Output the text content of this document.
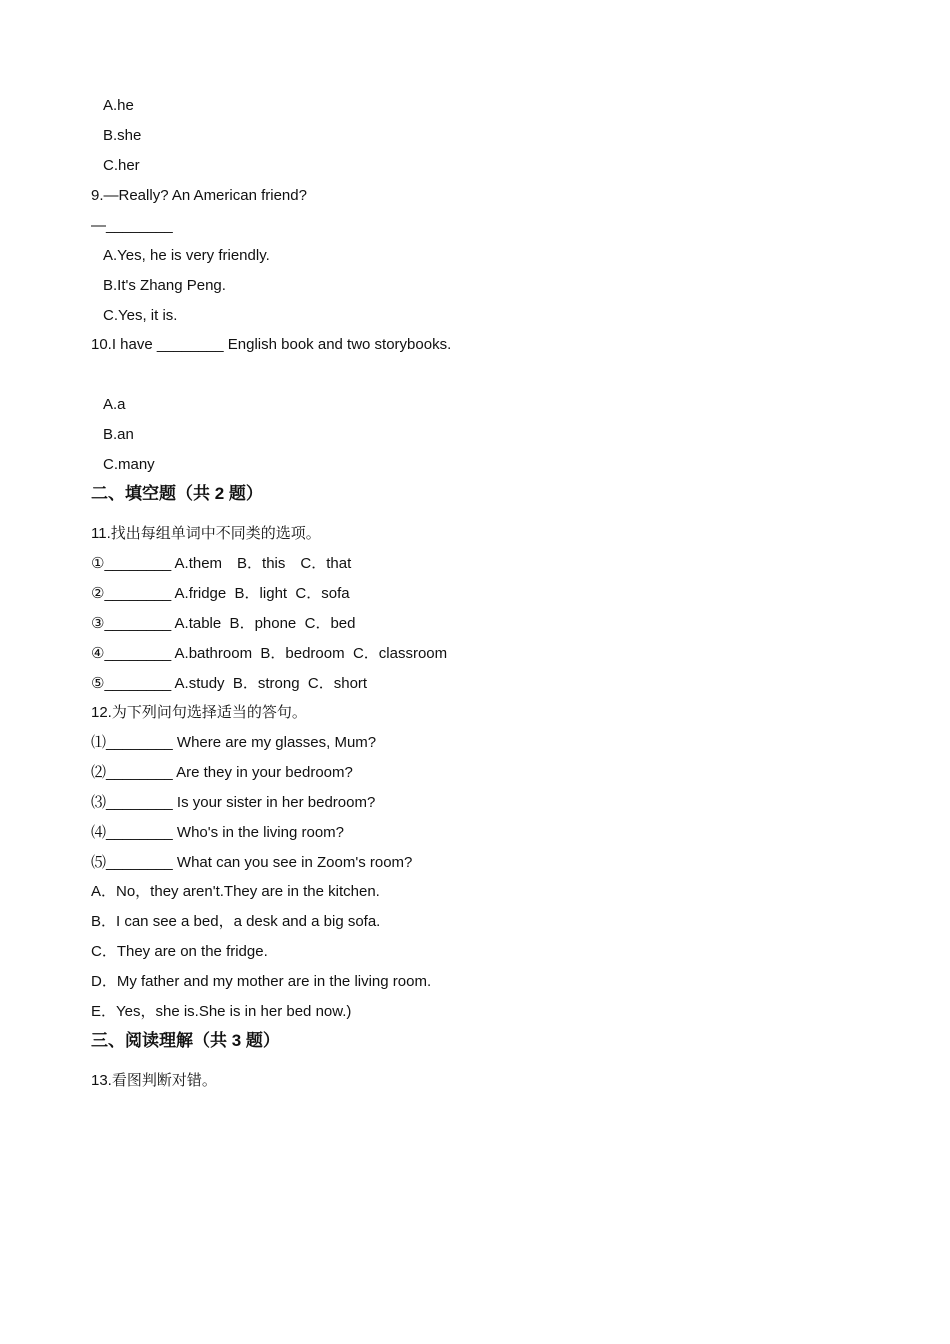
A.he
B.she
C.her
9.—Really? An American friend?
—________
A.Yes, he is very friendly.
B.It's Zhang Peng.
C.Yes, it is.
10.I have ________ English book and two storybooks.
A.a
B.an
C.many
二、填空题（共 2 题）
11.找出每组单词中不同类的选项。
①________ A.them　B．this　C．that
②________ A.fridge  B．light  C．sofa
③________ A.table  B．phone  C．bed
④________ A.bathroom  B．bedroom  C．classroom
⑤________ A.study  B．strong  C．short
12.为下列问句选择适当的答句。
⑴________ Where are my glasses, Mum?
⑵________ Are they in your bedroom?
⑶________ Is your sister in her bedroom?
⑷________ Who's in the living room?
⑸________ What can you see in Zoom's room?
A．No，they aren't.They are in the kitchen.
B．I can see a bed，a desk and a big sofa.
C．They are on the fridge.
D．My father and my mother are in the living room.
E．Yes，she is.She is in her bed now.)
三、阅读理解（共 3 题）
13.看图判断对错。
